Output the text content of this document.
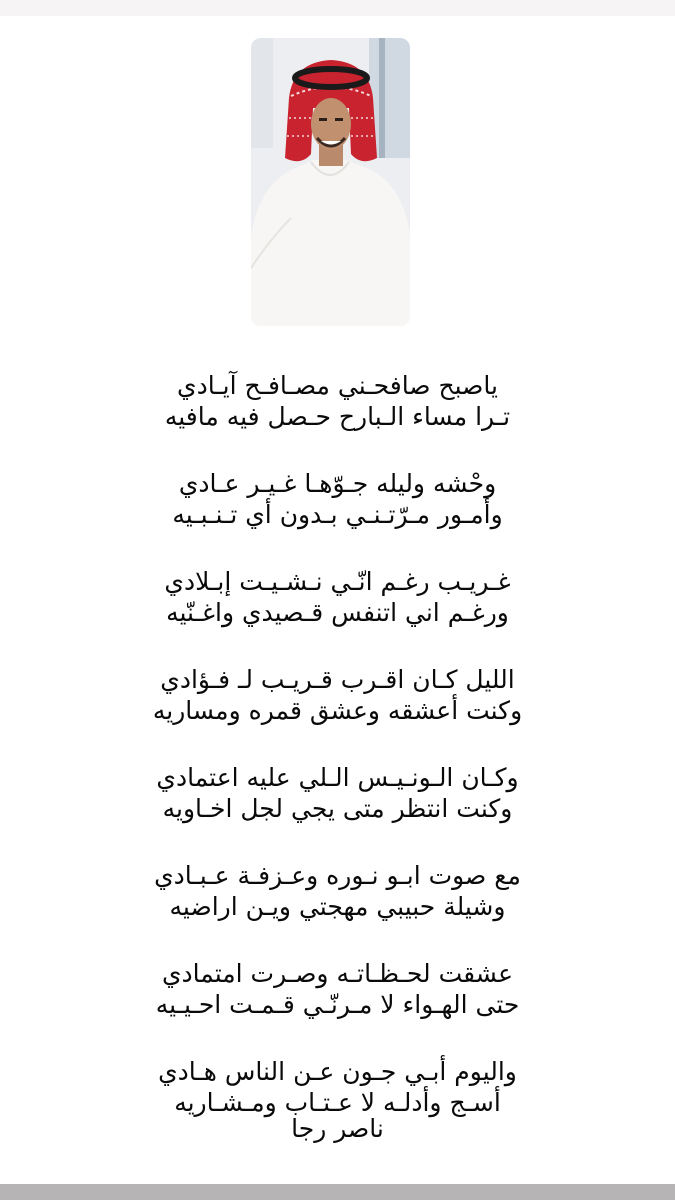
ياصبح صافحـني مصـافـح آيـادي
تـرا مساء الـبارح حـصل فيه مافيه
وحْشه وليله جـوّهـا غـيـر عـادي
وأمـور مـرّتـنـي بـدون أي تـنـبـيه
غـريـب رغـم انّـي نـشـيـت إبـلادي
ورغـم اني اتنفس قـصيدي واغـنّيه
الليل كـان اقـرب قـريـب لـ فـؤادي
وكنت أعشقه وعشق قمره ومساريه
وكـان الـونـيـس الـلي عليه اعتمادي
وكنت انتظر متى يجي لجل اخـاويه
مع صوت ابـو نـوره وعـزفـة عـبـادي
وشيلة حبيبي مهجتي ويـن اراضيه
عشقت لحـظـاتـه وصـرت امتمادي
حتى الهـواء لا مـرنّـي قـمـت احـيـيه
واليوم أبـي جـون عـن الناس هـادي
أسـج وأدلـه لا عـتـاب ومـشـاريه
ناصر رجا
